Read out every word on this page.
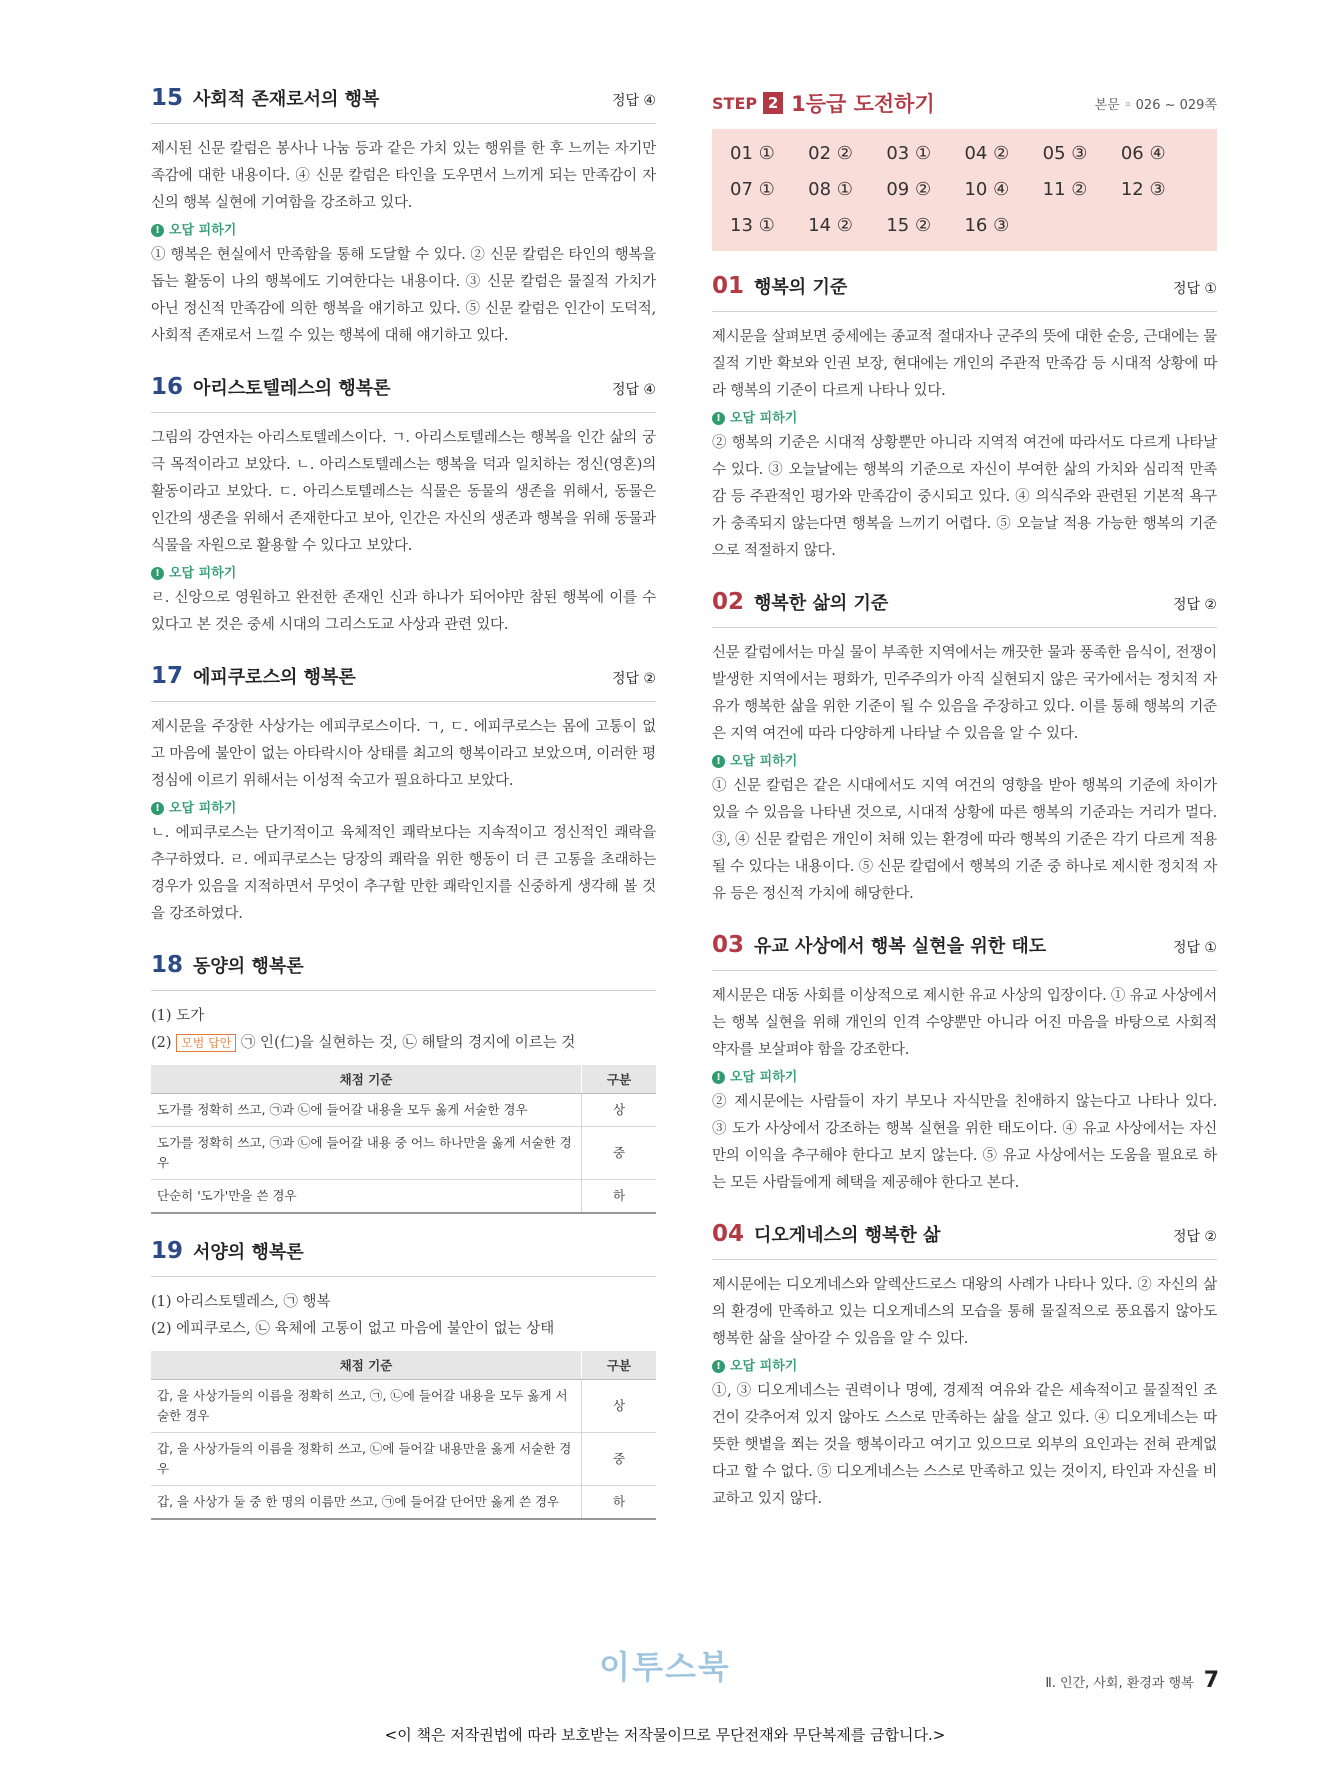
15 사회적 존재로서의 행복	정답 ④

제시된 신문 칼럼은 봉사나 나눔 등과 같은 가치 있는 행위를 한 후 느끼는 자기만족감에 대한 내용이다. ④ 신문 칼럼은 타인을 도우면서 느끼게 되는 만족감이 자신의 행복 실현에 기여함을 강조하고 있다.

! 오답 피하기

① 행복은 현실에서 만족함을 통해 도달할 수 있다. ② 신문 칼럼은 타인의 행복을 돕는 활동이 나의 행복에도 기여한다는 내용이다. ③ 신문 칼럼은 물질적 가치가 아닌 정신적 만족감에 의한 행복을 얘기하고 있다. ⑤ 신문 칼럼은 인간이 도덕적, 사회적 존재로서 느낄 수 있는 행복에 대해 얘기하고 있다.

16 아리스토텔레스의 행복론	정답 ④

그림의 강연자는 아리스토텔레스이다. ㄱ. 아리스토텔레스는 행복을 인간 삶의 궁극 목적이라고 보았다. ㄴ. 아리스토텔레스는 행복을 덕과 일치하는 정신(영혼)의 활동이라고 보았다. ㄷ. 아리스토텔레스는 식물은 동물의 생존을 위해서, 동물은 인간의 생존을 위해서 존재한다고 보아, 인간은 자신의 생존과 행복을 위해 동물과 식물을 자원으로 활용할 수 있다고 보았다.

! 오답 피하기

ㄹ. 신앙으로 영원하고 완전한 존재인 신과 하나가 되어야만 참된 행복에 이를 수 있다고 본 것은 중세 시대의 그리스도교 사상과 관련 있다.

17 에피쿠로스의 행복론	정답 ②

제시문을 주장한 사상가는 에피쿠로스이다. ㄱ, ㄷ. 에피쿠로스는 몸에 고통이 없고 마음에 불안이 없는 아타락시아 상태를 최고의 행복이라고 보았으며, 이러한 평정심에 이르기 위해서는 이성적 숙고가 필요하다고 보았다.

! 오답 피하기

ㄴ. 에피쿠로스는 단기적이고 육체적인 쾌락보다는 지속적이고 정신적인 쾌락을 추구하였다. ㄹ. 에피쿠로스는 당장의 쾌락을 위한 행동이 더 큰 고통을 초래하는 경우가 있음을 지적하면서 무엇이 추구할 만한 쾌락인지를 신중하게 생각해 볼 것을 강조하였다.

18 동양의 행복론
(1) 도가
(2) 모범 답안 ㉠ 인(仁)을 실현하는 것, ㉡ 해탈의 경지에 이르는 것
채점 기준	구분
도가를 정확히 쓰고, ㉠과 ㉡에 들어갈 내용을 모두 옳게 서술한 경우	상
도가를 정확히 쓰고, ㉠과 ㉡에 들어갈 내용 중 어느 하나만을 옳게 서술한 경우	중
단순히 '도가'만을 쓴 경우	하
19 서양의 행복론
(1) 아리스토텔레스, ㉠ 행복
(2) 에피쿠로스, ㉡ 육체에 고통이 없고 마음에 불안이 없는 상태
채점 기준	구분
갑, 을 사상가들의 이름을 정확히 쓰고, ㉠, ㉡에 들어갈 내용을 모두 옳게 서술한 경우	상
갑, 을 사상가들의 이름을 정확히 쓰고, ㉡에 들어갈 내용만을 옳게 서술한 경우	중
갑, 을 사상가 둘 중 한 명의 이름만 쓰고, ㉠에 들어갈 단어만 옳게 쓴 경우	하
STEP 2 1등급 도전하기	본문 ◦ 026 ~ 029쪽
01 ①	02 ②	03 ①	04 ②	05 ③	06 ④
07 ①	08 ①	09 ②	10 ④	11 ②	12 ③
13 ①	14 ②	15 ②	16 ③
01 행복의 기준	정답 ①

제시문을 살펴보면 중세에는 종교적 절대자나 군주의 뜻에 대한 순응, 근대에는 물질적 기반 확보와 인권 보장, 현대에는 개인의 주관적 만족감 등 시대적 상황에 따라 행복의 기준이 다르게 나타나 있다.

! 오답 피하기

② 행복의 기준은 시대적 상황뿐만 아니라 지역적 여건에 따라서도 다르게 나타날 수 있다. ③ 오늘날에는 행복의 기준으로 자신이 부여한 삶의 가치와 심리적 만족감 등 주관적인 평가와 만족감이 중시되고 있다. ④ 의식주와 관련된 기본적 욕구가 충족되지 않는다면 행복을 느끼기 어렵다. ⑤ 오늘날 적용 가능한 행복의 기준으로 적절하지 않다.

02 행복한 삶의 기준	정답 ②

신문 칼럼에서는 마실 물이 부족한 지역에서는 깨끗한 물과 풍족한 음식이, 전쟁이 발생한 지역에서는 평화가, 민주주의가 아직 실현되지 않은 국가에서는 정치적 자유가 행복한 삶을 위한 기준이 될 수 있음을 주장하고 있다. 이를 통해 행복의 기준은 지역 여건에 따라 다양하게 나타날 수 있음을 알 수 있다.

! 오답 피하기

① 신문 칼럼은 같은 시대에서도 지역 여건의 영향을 받아 행복의 기준에 차이가 있을 수 있음을 나타낸 것으로, 시대적 상황에 따른 행복의 기준과는 거리가 멀다. ③, ④ 신문 칼럼은 개인이 처해 있는 환경에 따라 행복의 기준은 각기 다르게 적용될 수 있다는 내용이다. ⑤ 신문 칼럼에서 행복의 기준 중 하나로 제시한 정치적 자유 등은 정신적 가치에 해당한다.

03 유교 사상에서 행복 실현을 위한 태도	정답 ①

제시문은 대동 사회를 이상적으로 제시한 유교 사상의 입장이다. ① 유교 사상에서는 행복 실현을 위해 개인의 인격 수양뿐만 아니라 어진 마음을 바탕으로 사회적 약자를 보살펴야 함을 강조한다.

! 오답 피하기

② 제시문에는 사람들이 자기 부모나 자식만을 친애하지 않는다고 나타나 있다. ③ 도가 사상에서 강조하는 행복 실현을 위한 태도이다. ④ 유교 사상에서는 자신만의 이익을 추구해야 한다고 보지 않는다. ⑤ 유교 사상에서는 도움을 필요로 하는 모든 사람들에게 혜택을 제공해야 한다고 본다.

04 디오게네스의 행복한 삶	정답 ②

제시문에는 디오게네스와 알렉산드로스 대왕의 사례가 나타나 있다. ② 자신의 삶의 환경에 만족하고 있는 디오게네스의 모습을 통해 물질적으로 풍요롭지 않아도 행복한 삶을 살아갈 수 있음을 알 수 있다.

! 오답 피하기

①, ③ 디오게네스는 권력이나 명예, 경제적 여유와 같은 세속적이고 물질적인 조건이 갖추어져 있지 않아도 스스로 만족하는 삶을 살고 있다. ④ 디오게네스는 따뜻한 햇볕을 쬐는 것을 행복이라고 여기고 있으므로 외부의 요인과는 전혀 관계없다고 할 수 없다. ⑤ 디오게네스는 스스로 만족하고 있는 것이지, 타인과 자신을 비교하고 있지 않다.

이투스북	Ⅱ. 인간, 사회, 환경과 행복 7
<이 책은 저작권법에 따라 보호받는 저작물이므로 무단전재와 무단복제를 금합니다.>
